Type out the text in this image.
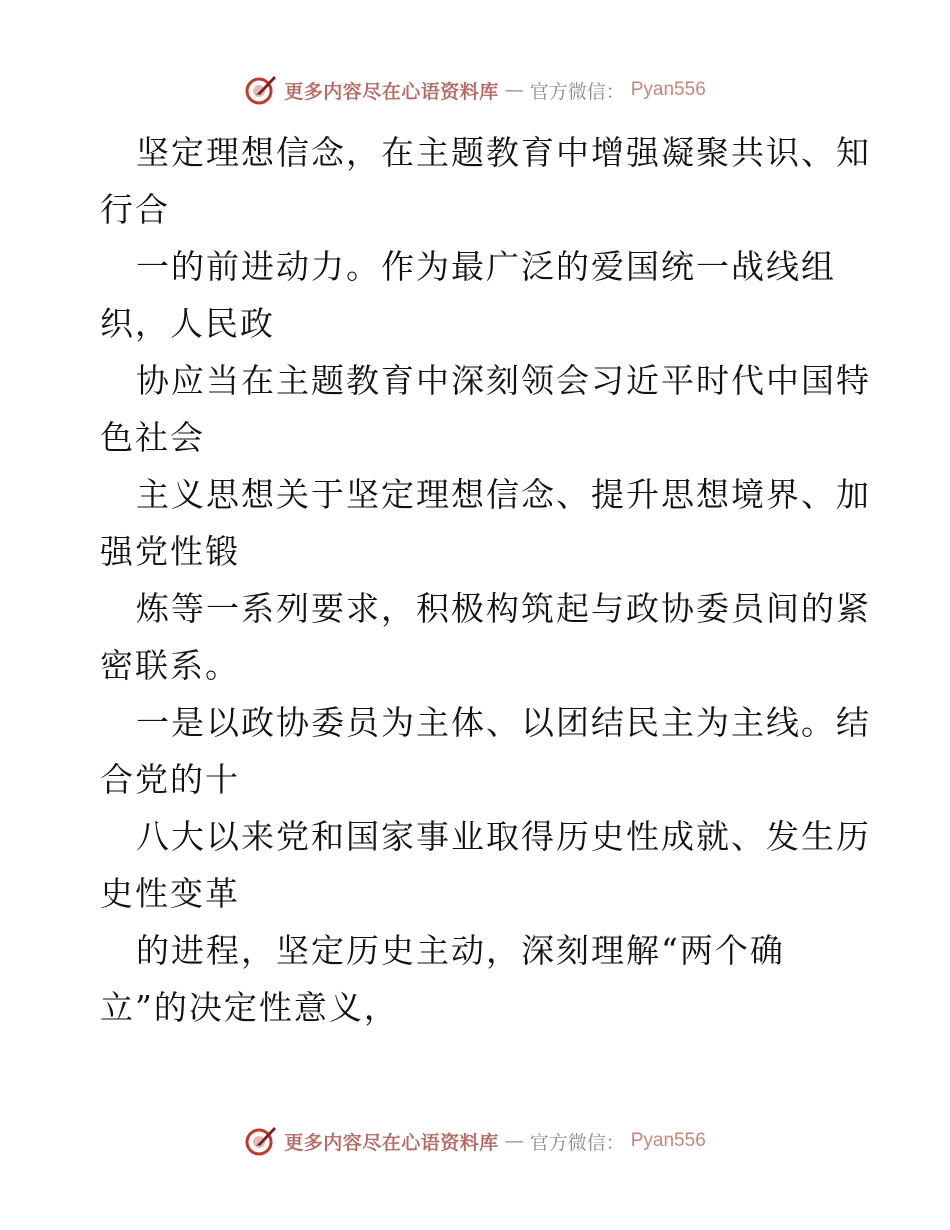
更多内容尽在心语资料库 — 官方微信： Pyan556
坚定理想信念，在主题教育中增强凝聚共识、知
行合
一的前进动力。作为最广泛的爱国统一战线组
织，人民政
协应当在主题教育中深刻领会习近平时代中国特
色社会
主义思想关于坚定理想信念、提升思想境界、加
强党性锻
炼等一系列要求，积极构筑起与政协委员间的紧
密联系。
一是以政协委员为主体、以团结民主为主线。结
合党的十
八大以来党和国家事业取得历史性成就、发生历
史性变革
的进程，坚定历史主动，深刻理解“两个确
立”的决定性意义，
更多内容尽在心语资料库 — 官方微信： Pyan556
